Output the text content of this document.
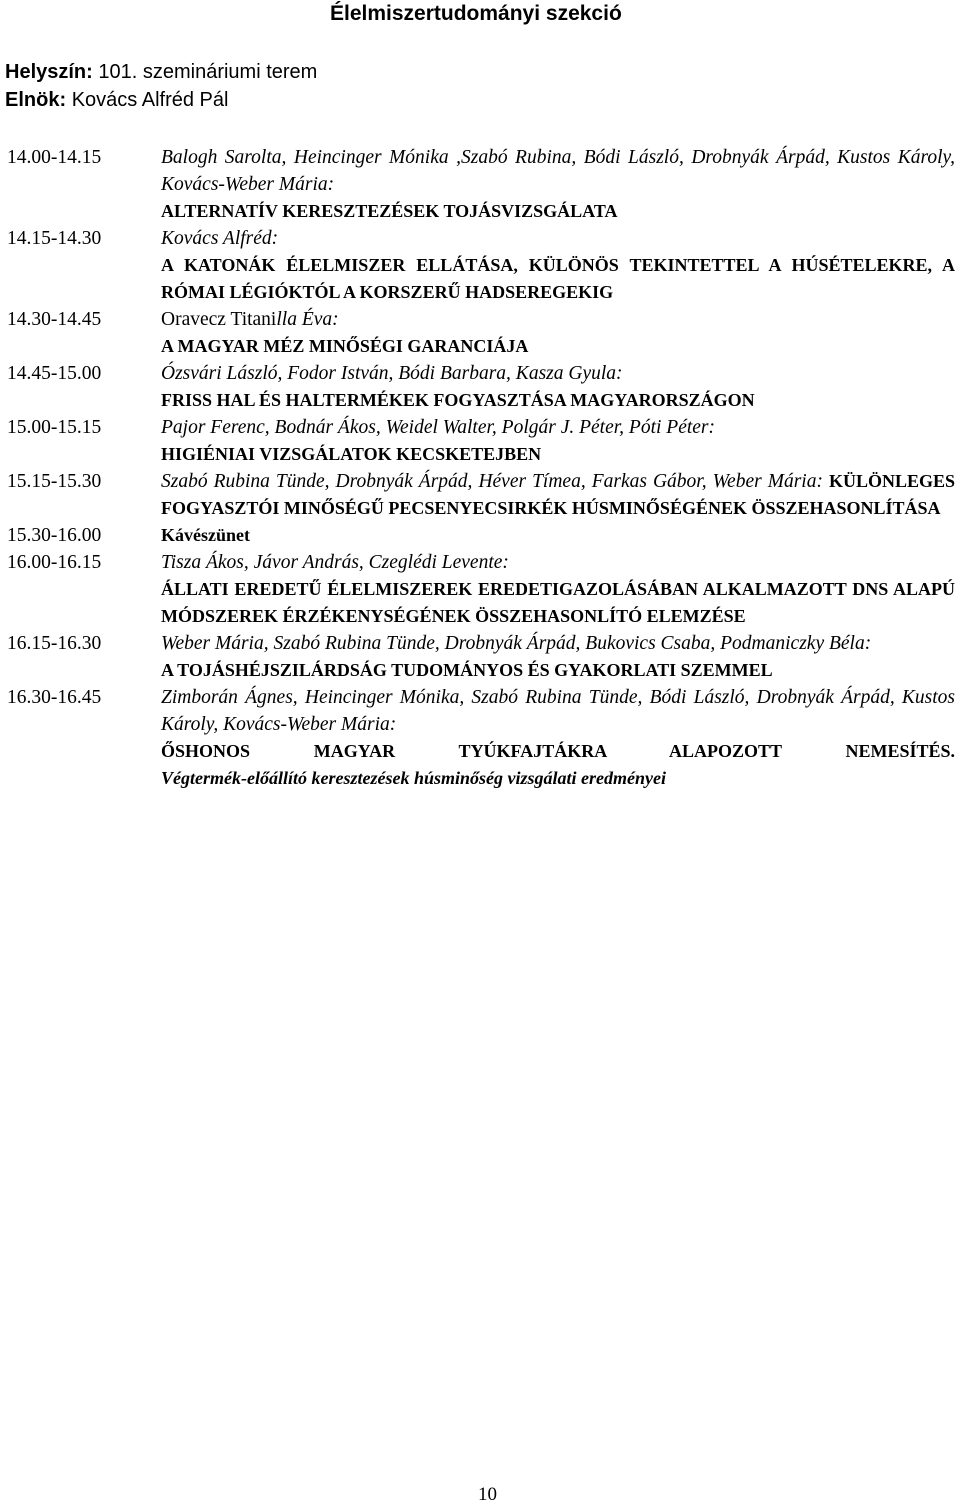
Élelmiszertudományi szekció
Helyszín: 101. szemináriumi terem
Elnök: Kovács Alfréd Pál
14.00-14.15	Balogh Sarolta, Heincinger Mónika ,Szabó Rubina, Bódi László, Drobnyák Árpád, Kustos Károly, Kovács-Weber Mária:
ALTERNATÍV KERESZTEZÉSEK TOJÁSVIZSGÁLATA
14.15-14.30	Kovács Alfréd:
A KATONÁK ÉLELMISZER ELLÁTÁSA, KÜLÖNÖS TEKINTETTEL A HÚSÉTELEKRE, A RÓMAI LÉGIÓKTÓL A KORSZERŰ HADSEREGEKIG
14.30-14.45	Oravecz Titanilla Éva:
A MAGYAR MÉZ MINŐSÉGI GARANCIÁJA
14.45-15.00	Ózsvári László, Fodor István, Bódi Barbara, Kasza Gyula:
FRISS HAL ÉS HALTERMÉKEK FOGYASZTÁSA MAGYARORSZÁGON
15.00-15.15	Pajor Ferenc, Bodnár Ákos, Weidel Walter, Polgár J. Péter, Póti Péter:
HIGIÉNIAI VIZSGÁLATOK KECSKETEJBEN
15.15-15.30	Szabó Rubina Tünde, Drobnyák Árpád, Héver Tímea, Farkas Gábor, Weber Mária: KÜLÖNLEGES FOGYASZTÓI MINŐSÉGŰ PECSENYECSIRKÉK HÚSMINŐSÉGÉNEK ÖSSZEHASONLÍTÁSA
15.30-16.00	Kávészünet
16.00-16.15	Tisza Ákos, Jávor András, Czeglédi Levente:
ÁLLATI EREDETŰ ÉLELMISZEREK EREDETIGAZOLÁSÁBAN ALKALMAZOTT DNS ALAPÚ MÓDSZEREK ÉRZÉKENYSÉGÉNEK ÖSSZEHASONLÍTÓ ELEMZÉSE
16.15-16.30	Weber Mária, Szabó Rubina Tünde, Drobnyák Árpád, Bukovics Csaba, Podmaniczky Béla:
A TOJÁSHÉJSZILÁRDSÁG TUDOMÁNYOS ÉS GYAKORLATI SZEMMEL
16.30-16.45	Zimborán Ágnes, Heincinger Mónika, Szabó Rubina Tünde, Bódi László, Drobnyák Árpád, Kustos Károly, Kovács-Weber Mária:
ŐSHONOS MAGYAR TYÚKFAJTÁKRA ALAPOZOTT NEMESÍTÉS.
Végtermék-előállító keresztezések húsminőség vizsgálati eredményei
10
